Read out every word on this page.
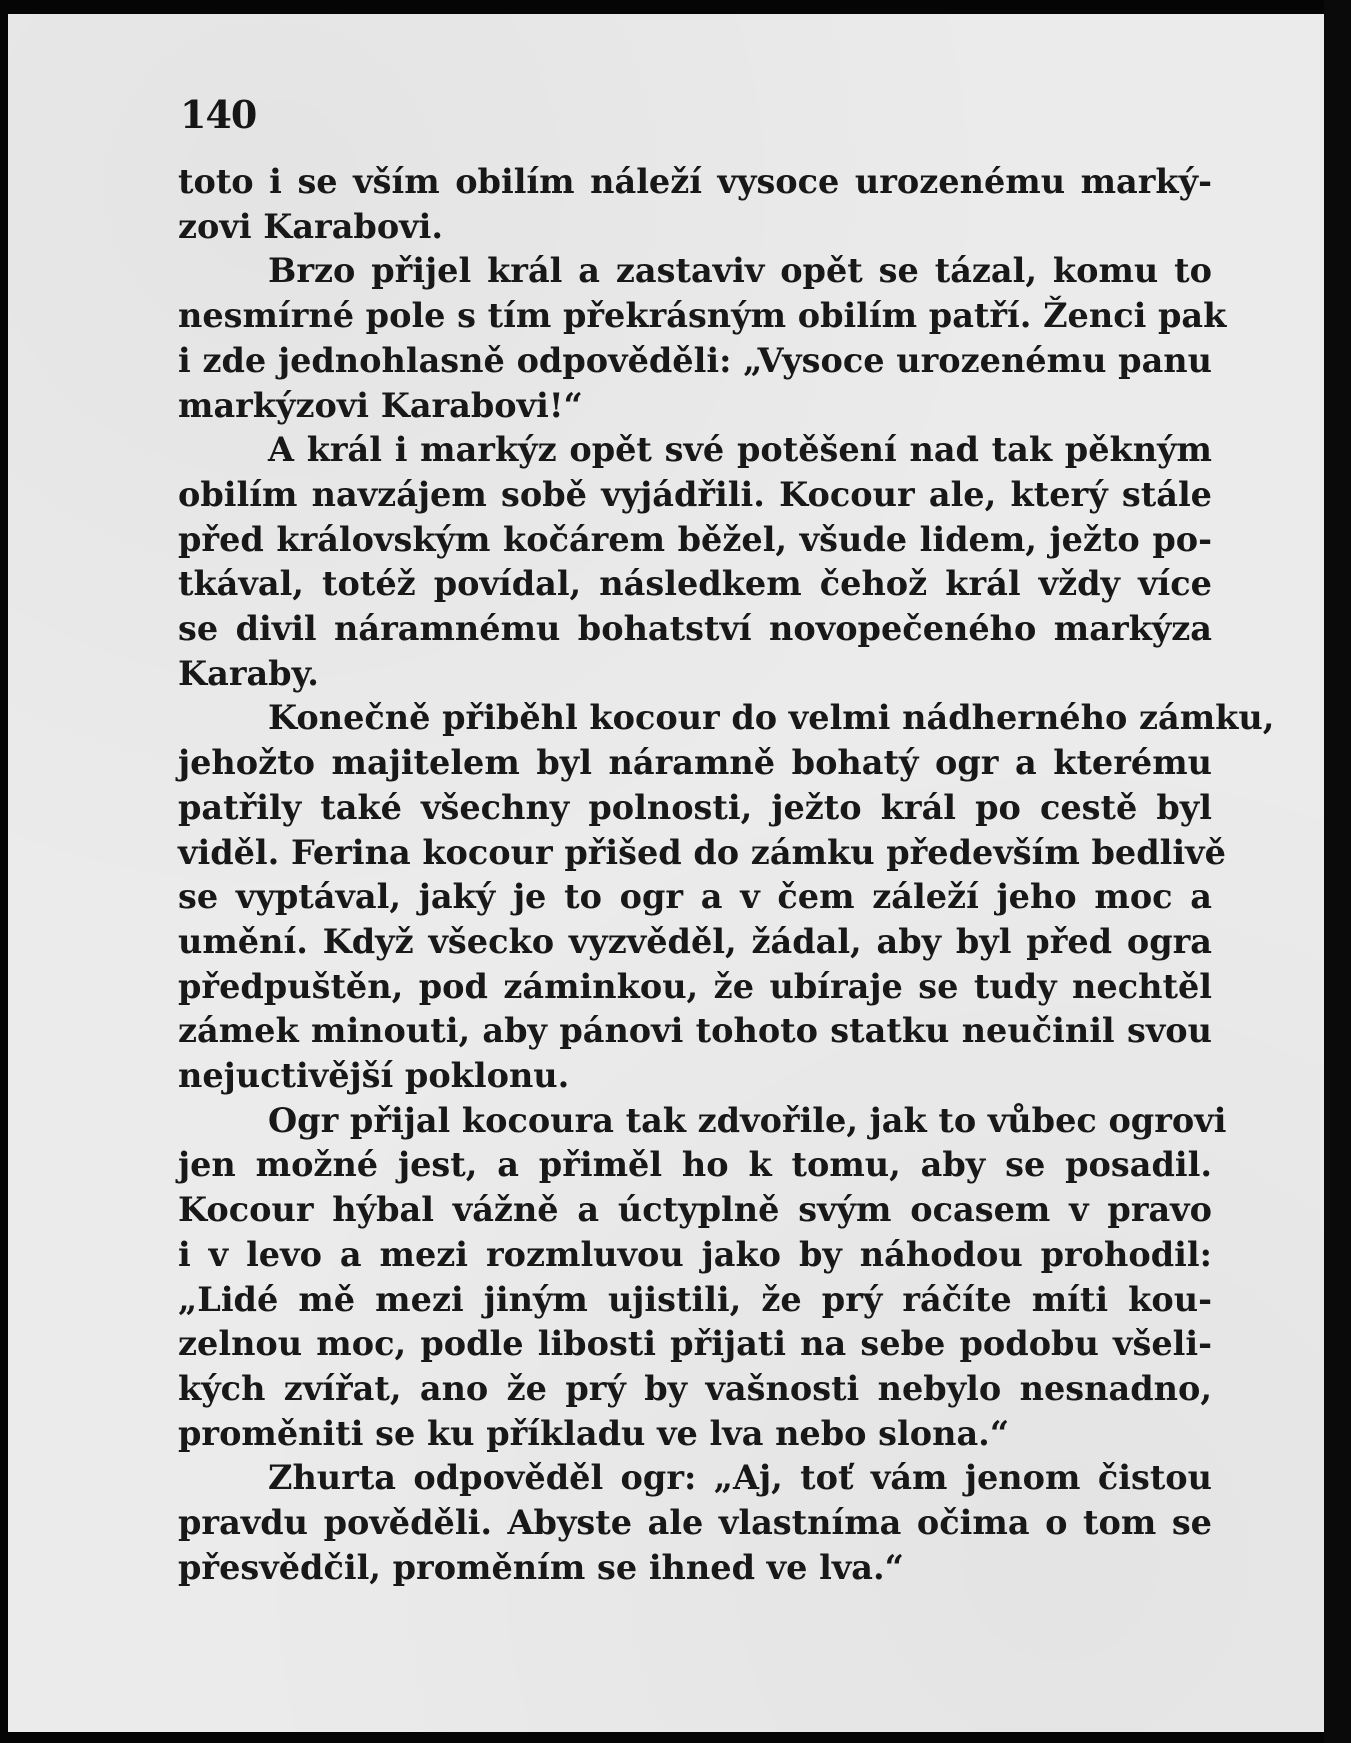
140
toto i se vším obilím náleží vysoce urozenému marký-
zovi Karabovi.
Brzo přijel král a zastaviv opět se tázal, komu to
nesmírné pole s tím překrásným obilím patří. Ženci pak
i zde jednohlasně odpověděli: „Vysoce urozenému panu
markýzovi Karabovi!“
A král i markýz opět své potěšení nad tak pěkným
obilím navzájem sobě vyjádřili. Kocour ale, který stále
před královským kočárem běžel, všude lidem, ježto po-
tkával, totéž povídal, následkem čehož král vždy více
se divil náramnému bohatství novopečeného markýza
Karaby.
Konečně přiběhl kocour do velmi nádherného zámku,
jehožto majitelem byl náramně bohatý ogr a kterému
patřily také všechny polnosti, ježto král po cestě byl
viděl. Ferina kocour přišed do zámku především bedlivě
se vyptával, jaký je to ogr a v čem záleží jeho moc a
umění. Když všecko vyzvěděl, žádal, aby byl před ogra
předpuštěn, pod záminkou, že ubíraje se tudy nechtěl
zámek minouti, aby pánovi tohoto statku neučinil svou
nejuctivější poklonu.
Ogr přijal kocoura tak zdvořile, jak to vůbec ogrovi
jen možné jest, a přiměl ho k tomu, aby se posadil.
Kocour hýbal vážně a úctyplně svým ocasem v pravo
i v levo a mezi rozmluvou jako by náhodou prohodil:
„Lidé mě mezi jiným ujistili, že prý ráčíte míti kou-
zelnou moc, podle libosti přijati na sebe podobu všeli-
kých zvířat, ano že prý by vašnosti nebylo nesnadno,
proměniti se ku příkladu ve lva nebo slona.“
Zhurta odpověděl ogr: „Aj, toť vám jenom čistou
pravdu pověděli. Abyste ale vlastníma očima o tom se
přesvědčil, proměním se ihned ve lva.“
